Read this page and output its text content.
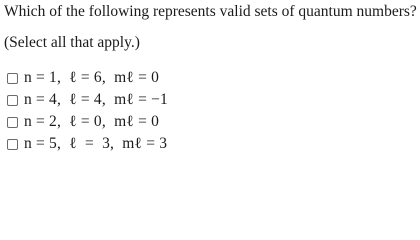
Which of the following represents valid sets of quantum numbers?
(Select all that apply.)
n = 1,  ℓ = 6,  mℓ = 0
n = 4,  ℓ = 4,  mℓ = −1
n = 2,  ℓ = 0,  mℓ = 0
n = 5,  ℓ  =  3,  mℓ = 3
